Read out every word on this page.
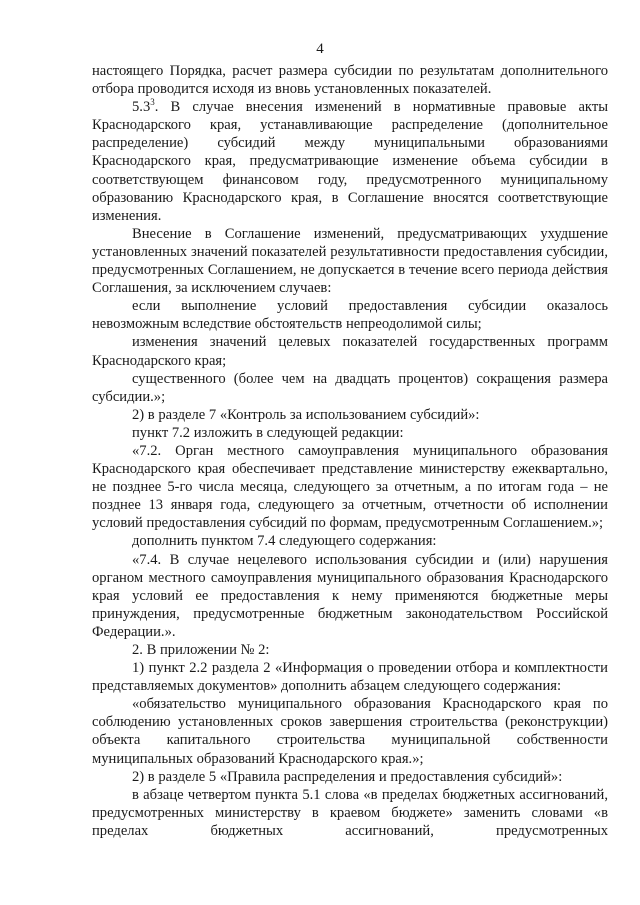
4

настоящего Порядка, расчет размера субсидии по результатам дополнительного отбора проводится исходя из вновь установленных показателей.

$5.3^3$. В случае внесения изменений в нормативные правовые акты Краснодарского края, устанавливающие распределение (дополнительное распределение) субсидий между муниципальными образованиями Краснодарского края, предусматривающие изменение объема субсидии в соответствующем финансовом году, предусмотренного муниципальному образованию Краснодарского края, в Соглашение вносятся соответствующие изменения.

Внесение в Соглашение изменений, предусматривающих ухудшение установленных значений показателей результативности предоставления субсидии, предусмотренных Соглашением, не допускается в течение всего периода действия Соглашения, за исключением случаев:

если выполнение условий предоставления субсидии оказалось невозможным вследствие обстоятельств непреодолимой силы;

изменения значений целевых показателей государственных программ Краснодарского края;

существенного (более чем на двадцать процентов) сокращения размера субсидии.»;

2) в разделе 7 «Контроль за использованием субсидий»:

пункт 7.2 изложить в следующей редакции:

«7.2. Орган местного самоуправления муниципального образования Краснодарского края обеспечивает представление министерству ежеквартально, не позднее 5-го числа месяца, следующего за отчетным, а по итогам года – не позднее 13 января года, следующего за отчетным, отчетности об исполнении условий предоставления субсидий по формам, предусмотренным Соглашением.»;

дополнить пунктом 7.4 следующего содержания:

«7.4. В случае нецелевого использования субсидии и (или) нарушения органом местного самоуправления муниципального образования Краснодарского края условий ее предоставления к нему применяются бюджетные меры принуждения, предусмотренные бюджетным законодательством Российской Федерации.».

2. В приложении № 2:

1) пункт 2.2 раздела 2 «Информация о проведении отбора и комплектности представляемых документов» дополнить абзацем следующего содержания:

«обязательство муниципального образования Краснодарского края по соблюдению установленных сроков завершения строительства (реконструкции) объекта капитального строительства муниципальной собственности муниципальных образований Краснодарского края.»;

2) в разделе 5 «Правила распределения и предоставления субсидий»:

в абзаце четвертом пункта 5.1 слова «в пределах бюджетных ассигнований, предусмотренных министерству в краевом бюджете» заменить словами «в пределах бюджетных ассигнований, предусмотренных
